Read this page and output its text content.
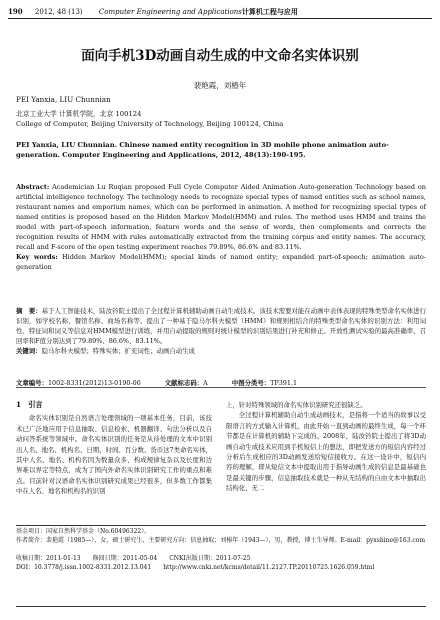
190 2012, 48 (13) Computer Engineering and Applications计算机工程与应用
面向手机3D动画自动生成的中文命名实体识别
裴艳霞，刘椿年
PEI Yanxia, LIU Chunnian
北京工业大学 计算机学院，北京 100124
College of Computer, Beijing University of Technology, Beijing 100124, China
PEI Yanxia, LIU Chunnian. Chinese named entity recognition in 3D mobile phone animation auto-generation. Computer Engineering and Applications, 2012, 48(13):190-195.
Abstract: Academician Lu Ruqian proposed Full Cycle Computer Aided Animation Auto-generation Technology based on artificial intelligence technology. The technology needs to recognize special types of named entities such as school names, restaurant names and emporium names, which can be performed in animation. A method for recognizing special types of named entities is proposed based on the Hidden Markov Model(HMM) and rules. The method uses HMM and trains the model with part-of-speech information, feature words and the sense of words, then complements and corrects the recognition results of HMM with rules automatically extracted from the training corpus and entity names. The accuracy, recall and F-score of the open testing experiment reaches 79.89%, 86.6% and 83.11%.
Key words: Hidden Markov Model(HMM); special kinds of named entity; expanded part-of-speech; animation auto-generation
摘　要：基于人工智能技术，陆汝钤院士提出了全过程计算机辅助动画自动生成技术。该技术需要对能在动画中表体表现的特殊类型命名实体进行识别，如学校名称、餐馆名称、商场名称等。提出了一种基于隐马尔科夫模型（HMM）和规则相结合的特殊类型命名实体的识别方法：利用词性、特征词和词义等信息对HMM模型进行训练，并用自动提取的规则对统计模型的识别结果进行补充和修正。开放性测试实验的最高准确率、召回率和F值分别达到了79.89%、86.6%、83.11%。
关键词：隐马尔科夫模型；特殊实体；扩充词性；动画自动生成
文章编号：1002-8331(2012)13-0190-06	文献标志码：A	中图分类号：TP391.1
1　引言
命名实体识别是自然语言处理领域的一项基本任务，目前，该技术已广泛地应用于信息抽取、信息检索、机器翻译、句法分析以及自动问答系统等领域中。命名实体识别的任务是从待处理的文本中识别出人名、地名、机构名、日期、时间、百分数、货币这7类命名实体，其中人名、地名、机构名因为数量众多、构成规律复杂以及长度和边界难以界定等特点，成为了国内外命名实体识别研究工作的重点和难点。目前针对汉语命名实体识别研究成果已经很多，但多数工作都集中在人名、地名和机构名的识别
上，针对特殊领域的命名实体识别研究还很缺乏。
全过程计算机辅助自动生成动画技术，是指将一个适当的故事以受限语言的方式输入计算机，由此开始一直到动画的最终生成，每一个环节都是在计算机的辅助下完成的。2008年，陆汝钤院士提出了将3D动画自动生成技术应用到手机短信上的想法，即把发送方的短信内容经过分析后生成相应的3D动画发送给短信接收方。在这一设计中，短信内容的理解，即从短信文本中提取出用于指导动画生成的信息是最基础也是最关键的步骤，信息抽取技术就是一种从无结构的自由文本中抽取出结构化、无二
基金项目：国家自然科学基金（No.60496322）。
作者简介：裴艳霞（1985—），女，硕士研究生，主要研究方向：信息抽取；刘椿年（1943—），男，教授，博士生导师。E-mail：pyxshine@163.com
收稿日期：2011-01-13　　修回日期：2011-05-04　　CNKI出版日期：2011-07-25
DOI：10.3778/j.issn.1002-8331.2012.13.041　　http://www.cnki.net/kcms/detail/11.2127.TP.20110725.1626.059.html
